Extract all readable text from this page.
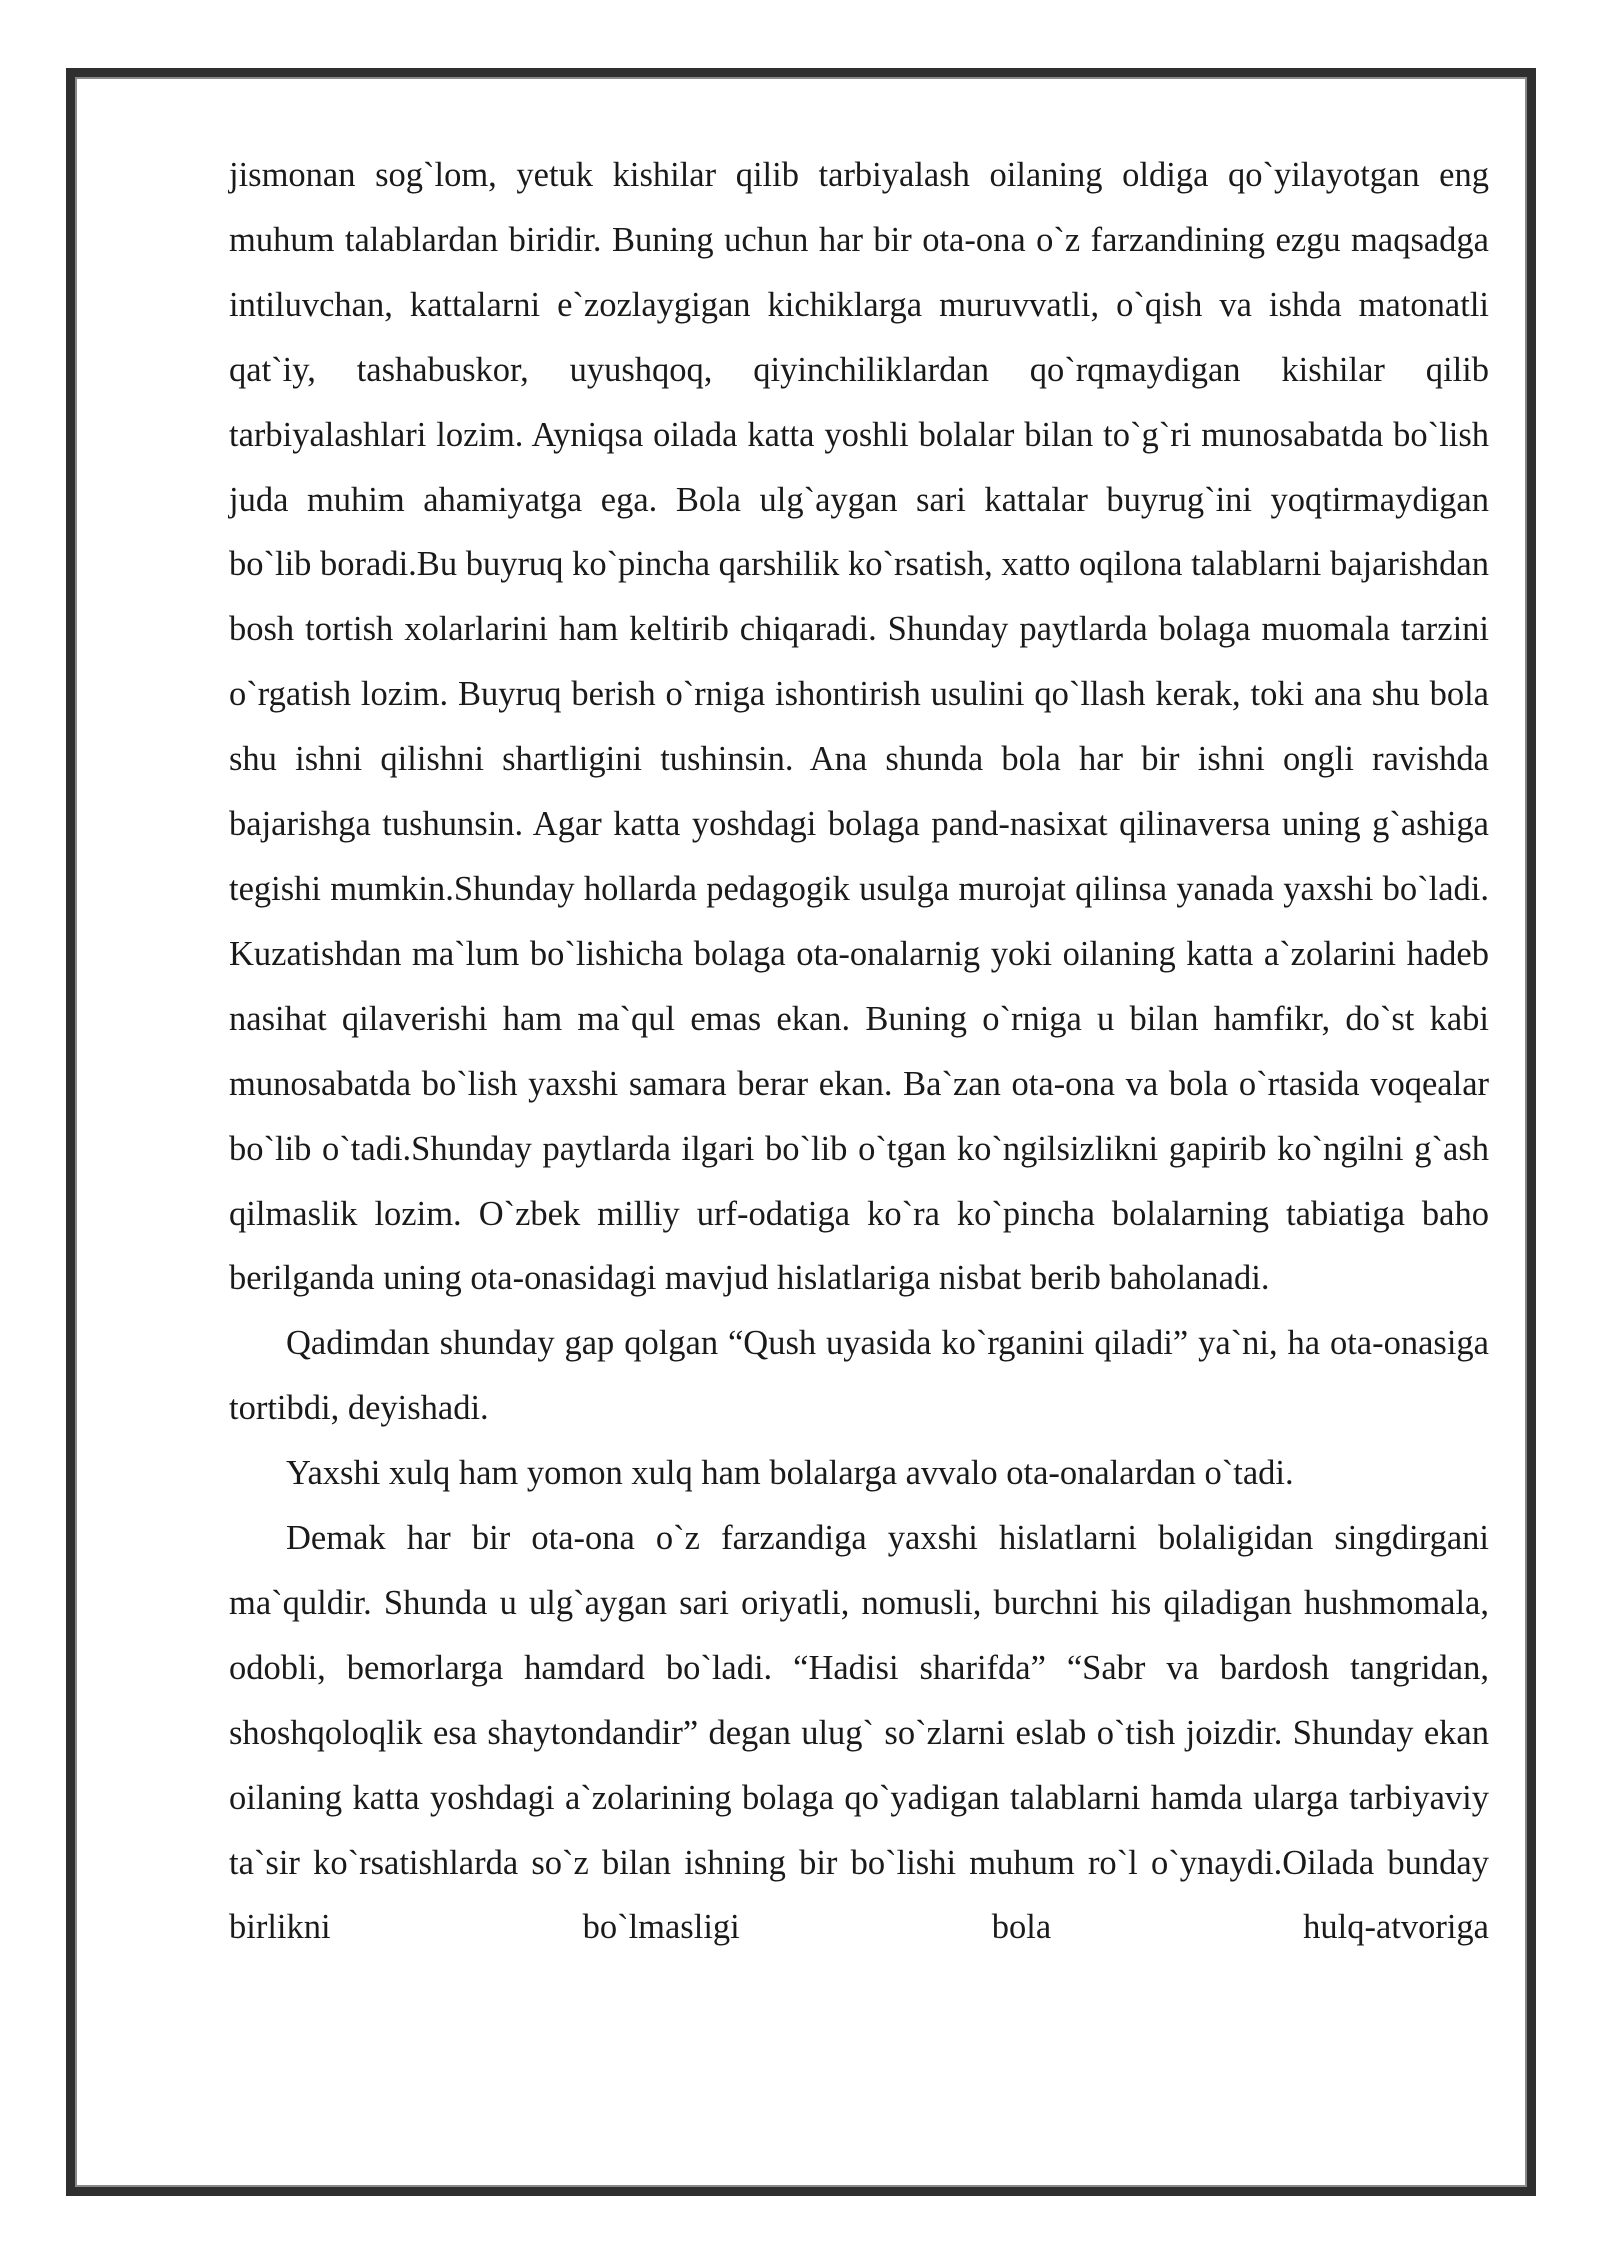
jismonan sog`lom, yetuk kishilar qilib tarbiyalash oilaning oldiga qo`yilayotgan eng muhum talablardan biridir. Buning uchun har bir ota-ona o`z farzandining ezgu maqsadga intiluvchan, kattalarni e`zozlaygigan kichiklarga muruvvatli, o`qish va ishda matonatli qat`iy, tashabuskor, uyushqoq, qiyinchiliklardan qo`rqmaydigan kishilar qilib tarbiyalashlari lozim. Ayniqsa oilada katta yoshli bolalar bilan to`g`ri munosabatda bo`lish juda muhim ahamiyatga ega. Bola ulg`aygan sari kattalar buyrug`ini yoqtirmaydigan bo`lib boradi.Bu buyruq ko`pincha qarshilik ko`rsatish, xatto oqilona talablarni bajarishdan bosh tortish xolarlarini ham keltirib chiqaradi. Shunday paytlarda bolaga muomala tarzini o`rgatish lozim. Buyruq berish o`rniga ishontirish usulini qo`llash kerak, toki ana shu bola shu ishni qilishni shartligini tushinsin. Ana shunda bola har bir ishni ongli ravishda bajarishga tushunsin. Agar katta yoshdagi bolaga pand-nasixat qilinaversa uning g`ashiga tegishi mumkin.Shunday hollarda pedagogik usulga murojat qilinsa yanada yaxshi bo`ladi. Kuzatishdan ma`lum bo`lishicha bolaga ota-onalarnig yoki oilaning katta a`zolarini hadeb nasihat qilaverishi ham ma`qul emas ekan. Buning o`rniga u bilan hamfikr, do`st kabi munosabatda bo`lish yaxshi samara berar ekan. Ba`zan ota-ona va bola o`rtasida voqealar bo`lib o`tadi.Shunday paytlarda ilgari bo`lib o`tgan ko`ngilsizlikni gapirib ko`ngilni g`ash qilmaslik lozim. O`zbek milliy urf-odatiga ko`ra ko`pincha bolalarning tabiatiga baho berilganda uning ota-onasidagi mavjud hislatlariga nisbat berib baholanadi.

Qadimdan shunday gap qolgan “Qush uyasida ko`rganini qiladi” ya`ni, ha ota-onasiga tortibdi, deyishadi.

Yaxshi xulq ham yomon xulq ham bolalarga avvalo ota-onalardan o`tadi.

Demak har bir ota-ona o`z farzandiga yaxshi hislatlarni bolaligidan singdirgani ma`quldir. Shunda u ulg`aygan sari oriyatli, nomusli, burchni his qiladigan hushmomala, odobli, bemorlarga hamdard bo`ladi. “Hadisi sharifda” “Sabr va bardosh tangridan, shoshqoloqlik esa shaytondandir” degan ulug` so`zlarni eslab o`tish joizdir. Shunday ekan oilaning katta yoshdagi a`zolarining bolaga qo`yadigan talablarni hamda ularga tarbiyaviy ta`sir ko`rsatishlarda so`z bilan ishning bir bo`lishi muhum ro`l o`ynaydi.Oilada bunday birlikni bo`lmasligi bola hulq-atvoriga
